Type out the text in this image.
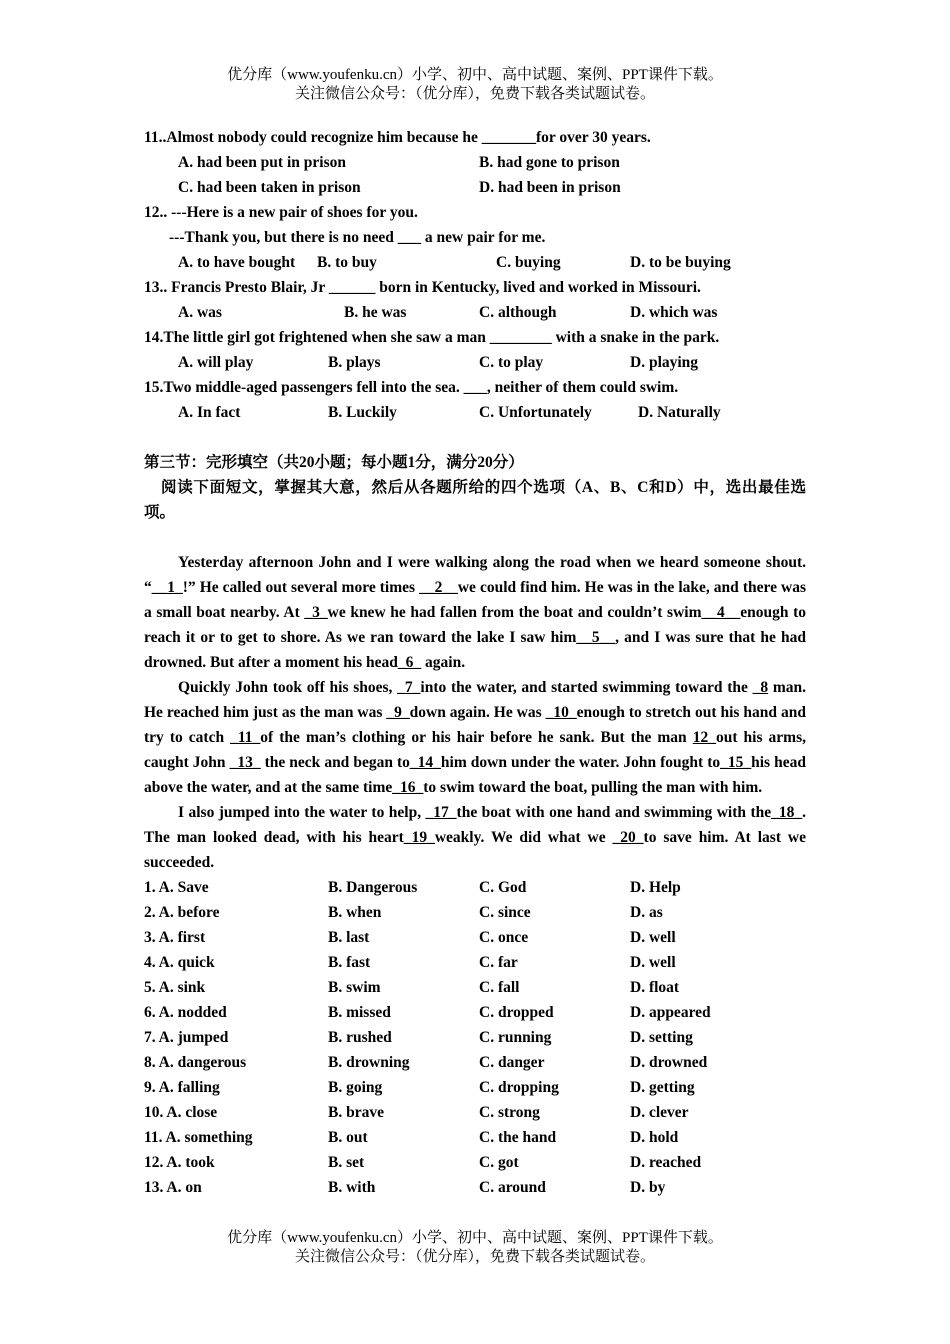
优分库（www.youfenku.cn）小学、初中、高中试题、案例、PPT课件下载。
关注微信公众号：（优分库），免费下载各类试题试卷。
11..Almost nobody could recognize him because he _______for over 30 years.
A. had been put in prison	B. had gone to prison
C. had been taken in prison	D. had been in prison
12.. ---Here is a new pair of shoes for you.
---Thank you, but there is no need ___ a new pair for me.
A. to have bought B. to buy	C. buying	D. to be buying
13.. Francis Presto Blair, Jr ______ born in Kentucky, lived and worked in Missouri.
A. was	B. he was	C. although	D. which was
14.The little girl got frightened when she saw a man ________ with a snake in the park.
A. will play	B. plays	C. to play	D. playing
15.Two middle-aged passengers fell into the sea. ___, neither of them could swim.
A. In fact	B. Luckily	C. Unfortunately	D. Naturally
第三节：完形填空（共20小题；每小题1分，满分20分）

阅读下面短文，掌握其大意，然后从各题所给的四个选项（A、B、C和D）中，选出最佳选项。

Yesterday afternoon John and I were walking along the road when we heard someone shout. “__1_!” He called out several more times __2__we could find him. He was in the lake, and there was a small boat nearby. At _3_we knew he had fallen from the boat and couldn’t swim__4__enough to reach it or to get to shore. As we ran toward the lake I saw him__5__, and I was sure that he had drowned. But after a moment his head_6_ again.

Quickly John took off his shoes, _7_into the water, and started swimming toward the _8 man. He reached him just as the man was _9_down again. He was _10_enough to stretch out his hand and try to catch _11_of the man’s clothing or his hair before he sank. But the man 12_out his arms, caught John _13_ the neck and began to_14_him down under the water. John fought to_15_his head above the water, and at the same time_16_to swim toward the boat, pulling the man with him.

I also jumped into the water to help, _17_the boat with one hand and swimming with the_18_. The man looked dead, with his heart_19_weakly. We did what we _20_to save him. At last we succeeded.

1. A. Save	B. Dangerous	C. God	D. Help
2. A. before	B. when	C. since	D. as
3. A. first	B. last	C. once	D. well
4. A. quick	B. fast	C. far	D. well
5. A. sink	B. swim	C. fall	D. float
6. A. nodded	B. missed	C. dropped	D. appeared
7. A. jumped	B. rushed	C. running	D. setting
8. A. dangerous	B. drowning	C. danger	D. drowned
9. A. falling	B. going	C. dropping	D. getting
10. A. close	B. brave	C. strong	D. clever
11. A. something	B. out	C. the hand	D. hold
12. A. took	B. set	C. got	D. reached
13. A. on	B. with	C. around	D. by
优分库（www.youfenku.cn）小学、初中、高中试题、案例、PPT课件下载。
关注微信公众号：（优分库），免费下载各类试题试卷。
